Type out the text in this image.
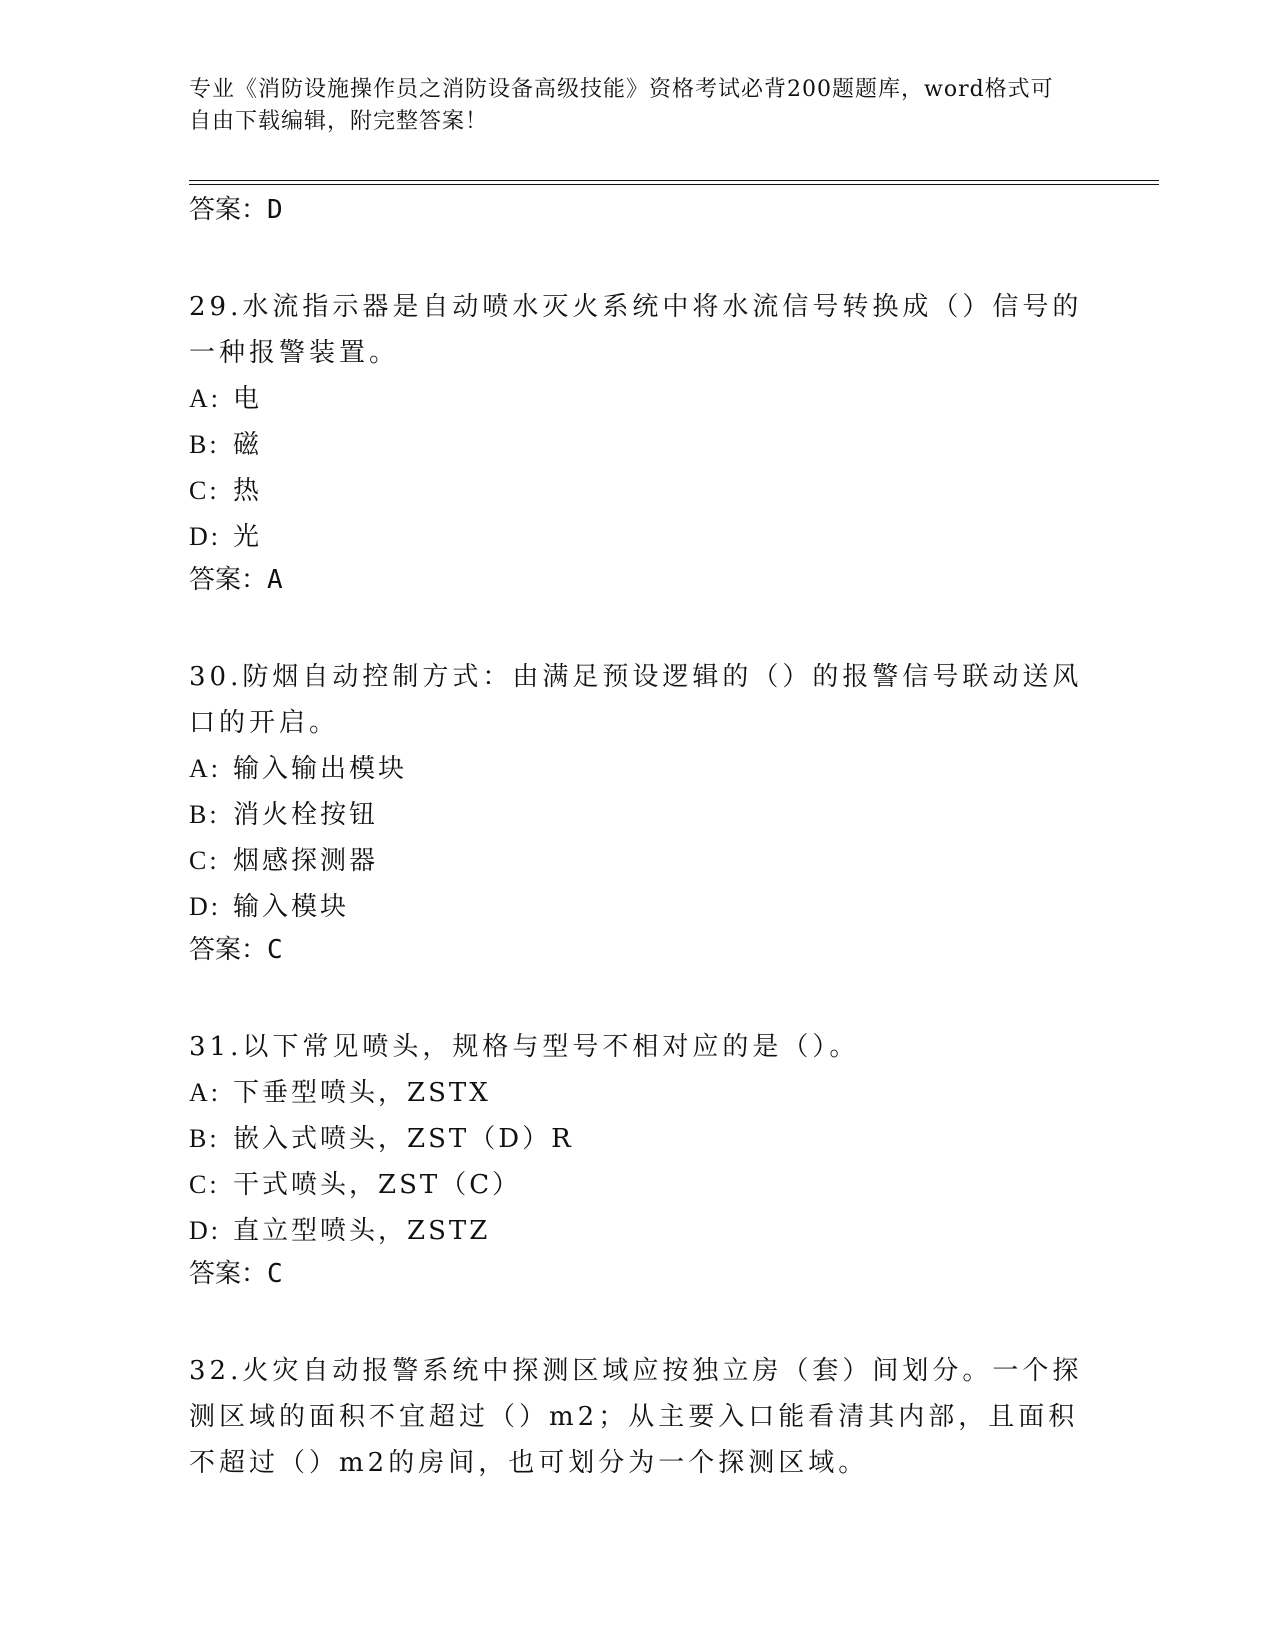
专业《消防设施操作员之消防设备高级技能》资格考试必背200题题库，word格式可自由下载编辑，附完整答案！

答案：D

29.水流指示器是自动喷水灭火系统中将水流信号转换成（）信号的一种报警装置。

A: 电

B: 磁

C: 热

D: 光

答案：A

30.防烟自动控制方式：由满足预设逻辑的（）的报警信号联动送风口的开启。

A: 输入输出模块

B: 消火栓按钮

C: 烟感探测器

D: 输入模块

答案：C

31.以下常见喷头，规格与型号不相对应的是（）。

A: 下垂型喷头，ZSTX

B: 嵌入式喷头，ZST（D）R

C: 干式喷头，ZST（C）

D: 直立型喷头，ZSTZ

答案：C

32.火灾自动报警系统中探测区域应按独立房（套）间划分。一个探测区域的面积不宜超过（）m2；从主要入口能看清其内部，且面积不超过（）m2的房间，也可划分为一个探测区域。
